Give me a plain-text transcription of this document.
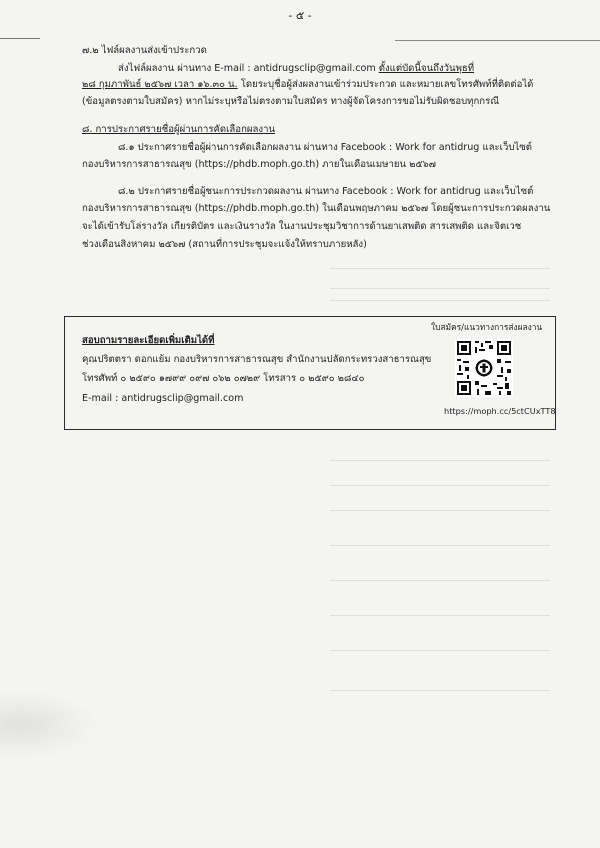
- ๕ -
๗.๒ ไฟล์ผลงานส่งเข้าประกวด
ส่งไฟล์ผลงาน ผ่านทาง E-mail : antidrugsclip@gmail.com ตั้งแต่บัดนี้จนถึงวันพุธที่
๒๘ กุมภาพันธ์ ๒๕๖๗ เวลา ๑๖.๓๐ น. โดยระบุชื่อผู้ส่งผลงานเข้าร่วมประกวด และหมายเลขโทรศัพท์ที่ติดต่อได้
(ข้อมูลตรงตามใบสมัคร) หากไม่ระบุหรือไม่ตรงตามใบสมัคร ทางผู้จัดโครงการขอไม่รับผิดชอบทุกกรณี
๘. การประกาศรายชื่อผู้ผ่านการคัดเลือกผลงาน
๘.๑ ประกาศรายชื่อผู้ผ่านการคัดเลือกผลงาน ผ่านทาง Facebook : Work for antidrug และเว็บไซต์
กองบริหารการสาธารณสุข (https://phdb.moph.go.th) ภายในเดือนเมษายน ๒๕๖๗
๘.๒ ประกาศรายชื่อผู้ชนะการประกวดผลงาน ผ่านทาง Facebook : Work for antidrug และเว็บไซต์
กองบริหารการสาธารณสุข (https://phdb.moph.go.th) ในเดือนพฤษภาคม ๒๕๖๗ โดยผู้ชนะการประกวดผลงาน
จะได้เข้ารับโล่รางวัล เกียรติบัตร และเงินรางวัล ในงานประชุมวิชาการด้านยาเสพติด สารเสพติด และจิตเวช
ช่วงเดือนสิงหาคม ๒๕๖๗ (สถานที่การประชุมจะแจ้งให้ทราบภายหลัง)
สอบถามรายละเอียดเพิ่มเติมได้ที่
คุณปริตตรา ดอกแย้ม กองบริหารการสาธารณสุข สำนักงานปลัดกระทรวงสาธารณสุข
โทรศัพท์ ๐ ๒๕๙๐ ๑๗๙๙ ๐๙๗ ๐๖๒ ๐๗๒๙ โทรสาร ๐ ๒๕๙๐ ๒๘๔๐
E-mail : antidrugsclip@gmail.com
ใบสมัคร/แนวทางการส่งผลงาน
https://moph.cc/5ctCUxTT8
